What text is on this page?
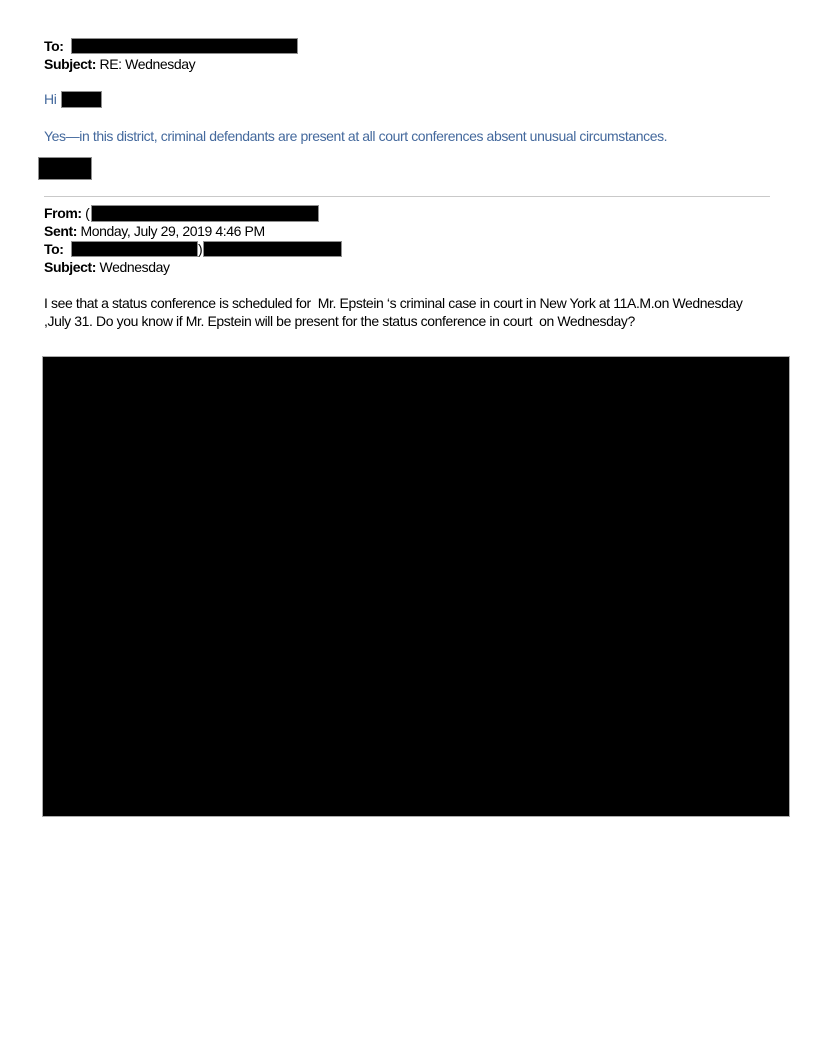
To:
Subject: RE: Wednesday
Hi
Yes—in this district, criminal defendants are present at all court conferences absent unusual circumstances.
From: (
Sent: Monday, July 29, 2019 4:46 PM
To:	)
Subject: Wednesday
I see that a status conference is scheduled for  Mr. Epstein ‘s criminal case in court in New York at 11A.M.on Wednesday
,July 31. Do you know if Mr. Epstein will be present for the status conference in court  on Wednesday?
